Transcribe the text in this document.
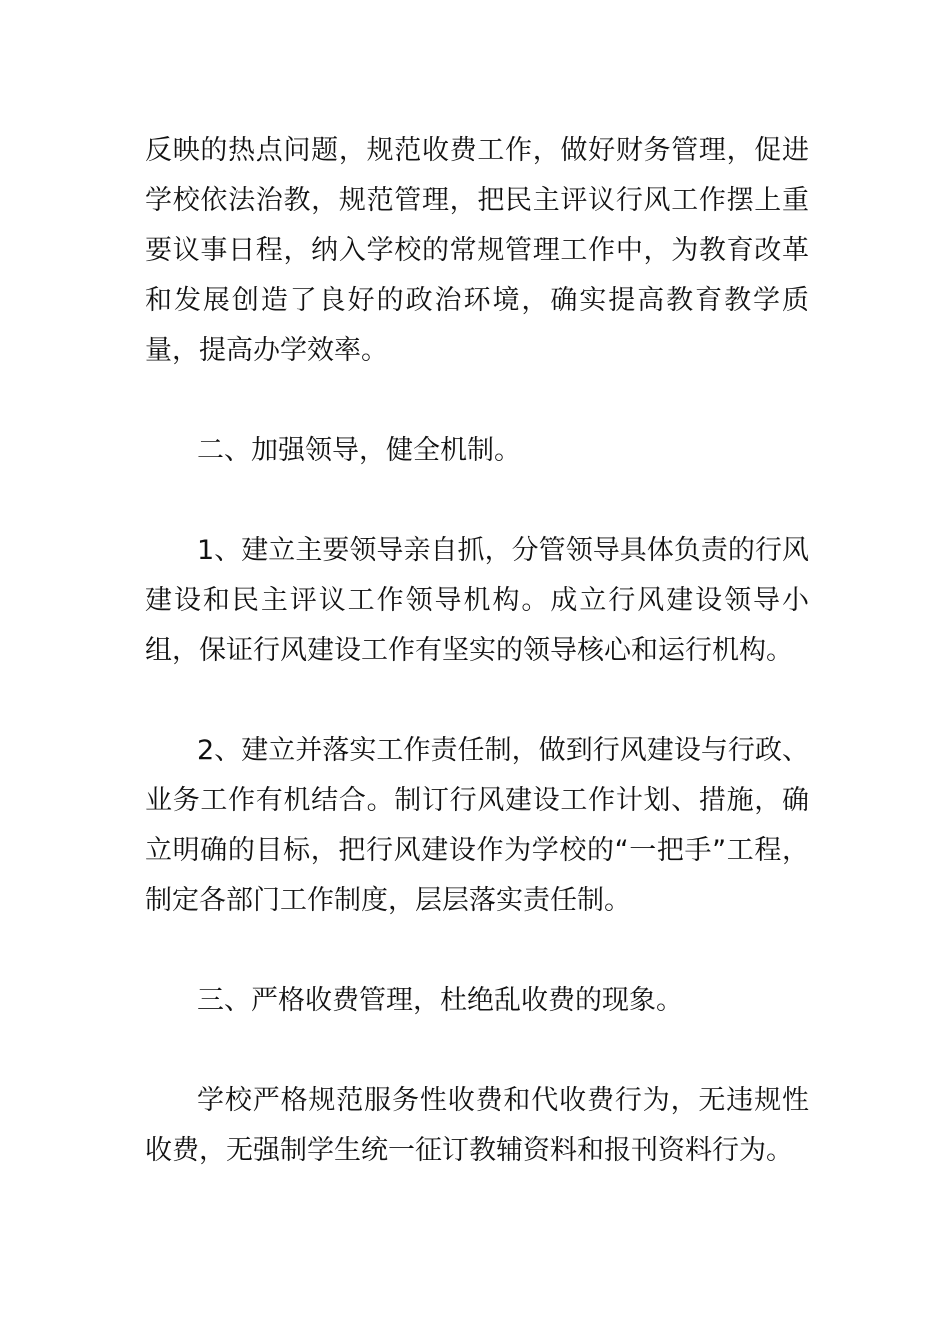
反映的热点问题，规范收费工作，做好财务管理，促进学校依法治教，规范管理，把民主评议行风工作摆上重要议事日程，纳入学校的常规管理工作中，为教育改革和发展创造了良好的政治环境，确实提高教育教学质量，提高办学效率。

二、加强领导，健全机制。

1、建立主要领导亲自抓，分管领导具体负责的行风建设和民主评议工作领导机构。成立行风建设领导小组，保证行风建设工作有坚实的领导核心和运行机构。

2、建立并落实工作责任制，做到行风建设与行政、业务工作有机结合。制订行风建设工作计划、措施，确立明确的目标，把行风建设作为学校的“一把手”工程，制定各部门工作制度，层层落实责任制。

三、严格收费管理，杜绝乱收费的现象。

学校严格规范服务性收费和代收费行为，无违规性收费，无强制学生统一征订教辅资料和报刊资料行为。
